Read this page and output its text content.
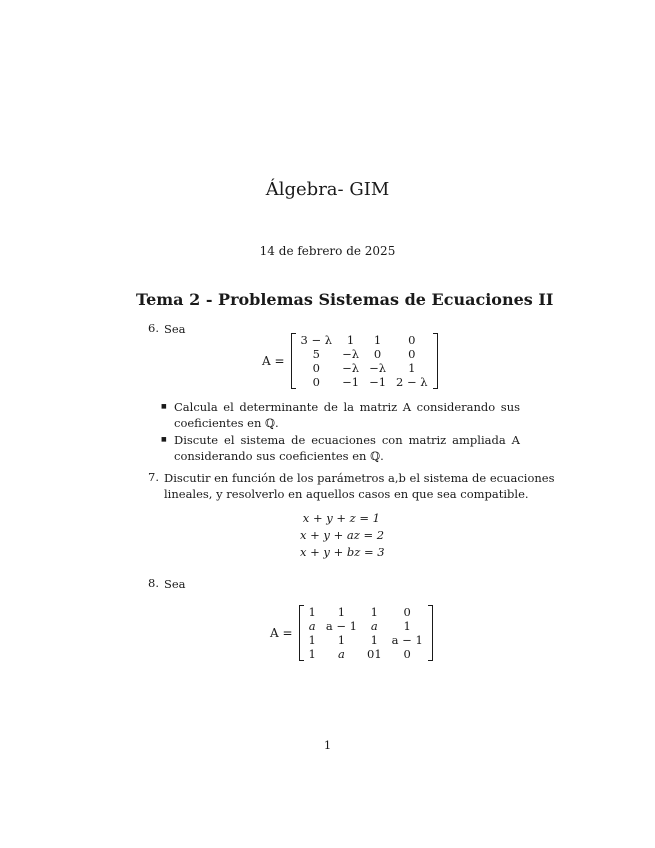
Álgebra- GIM
14 de febrero de 2025
Tema 2 - Problemas Sistemas de Ecuaciones II
6. Sea
A =
3 − λ	1	1	0
5	−λ	0	0
0	−λ	−λ	1
0	−1	−1	2 − λ
■ Calcula el determinante de la matriz A considerando sus coeficientes en ℚ.
■ Discute el sistema de ecuaciones con matriz ampliada A considerando sus coeficientes en ℚ.
7. Discutir en función de los parámetros a,b el sistema de ecuaciones
lineales, y resolverlo en aquellos casos en que sea compatible.
x + y + z = 1
x + y + az = 2
x + y + bz = 3
8. Sea
A =
1	1	1	0
a	a − 1	a	1
1	1	1	a − 1
1	a	01	0
1
